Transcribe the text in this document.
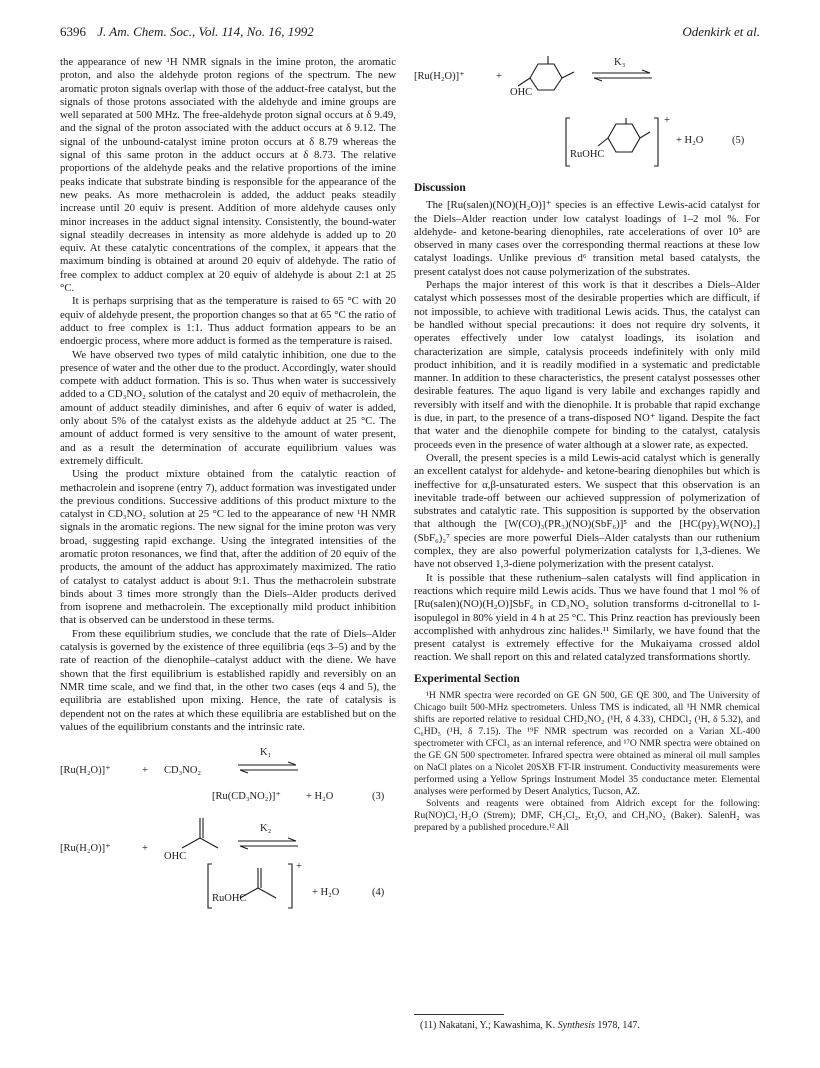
6396 J. Am. Chem. Soc., Vol. 114, No. 16, 1992	Odenkirk et al.

the appearance of new ¹H NMR signals in the imine proton, the aromatic proton, and also the aldehyde proton regions of the spectrum. The new aromatic proton signals overlap with those of the adduct-free catalyst, but the signals of those protons associated with the aldehyde and imine groups are well separated at 500 MHz. The free-aldehyde proton signal occurs at δ 9.49, and the signal of the proton associated with the adduct occurs at δ 9.12. The signal of the unbound-catalyst imine proton occurs at δ 8.79 whereas the signal of this same proton in the adduct occurs at δ 8.73. The relative proportions of the aldehyde peaks and the relative proportions of the imine peaks indicate that substrate binding is responsible for the appearance of the new peaks. As more methacrolein is added, the adduct peaks steadily increase until 20 equiv is present. Addition of more aldehyde causes only minor increases in the adduct signal intensity. Consistently, the bound-water signal steadily decreases in intensity as more aldehyde is added up to 20 equiv. At these catalytic concentrations of the complex, it appears that the maximum binding is obtained at around 20 equiv of aldehyde. The ratio of free complex to adduct complex at 20 equiv of aldehyde is about 2:1 at 25 °C.

It is perhaps surprising that as the temperature is raised to 65 °C with 20 equiv of aldehyde present, the proportion changes so that at 65 °C the ratio of adduct to free complex is 1:1. Thus adduct formation appears to be an endoergic process, where more adduct is formed as the temperature is raised.

We have observed two types of mild catalytic inhibition, one due to the presence of water and the other due to the product. Accordingly, water should compete with adduct formation. This is so. Thus when water is successively added to a CD₃NO₂ solution of the catalyst and 20 equiv of methacrolein, the amount of adduct steadily diminishes, and after 6 equiv of water is added, only about 5% of the catalyst exists as the aldehyde adduct at 25 °C. The amount of adduct formed is very sensitive to the amount of water present, and as a result the determination of accurate equilibrium values was extremely difficult.

Using the product mixture obtained from the catalytic reaction of methacrolein and isoprene (entry 7), adduct formation was investigated under the previous conditions. Successive additions of this product mixture to the catalyst in CD₃NO₂ solution at 25 °C led to the appearance of new ¹H NMR signals in the aromatic regions. The new signal for the imine proton was very broad, suggesting rapid exchange. Using the integrated intensities of the aromatic proton resonances, we find that, after the addition of 20 equiv of the products, the amount of the adduct has approximately maximized. The ratio of catalyst to catalyst adduct is about 9:1. Thus the methacrolein substrate binds about 3 times more strongly than the Diels–Alder products derived from isoprene and methacrolein. The exceptionally mild product inhibition that is observed can be understood in these terms.

From these equilibrium studies, we conclude that the rate of Diels–Alder catalysis is governed by the existence of three equilibria (eqs 3–5) and by the rate of reaction of the dienophile–catalyst adduct with the diene. We have shown that the first equilibrium is established rapidly and reversibly on an NMR time scale, and we find that, in the other two cases (eqs 4 and 5), the equilibria are established upon mixing. Hence, the rate of catalysis is dependent not on the rates at which these equilibria are established but on the values of the equilibrium constants and the intrinsic rate.

[Ru(H₂O)]⁺	+ CD₃NO₂
K₁
[Ru(CD₃NO₂)]⁺ + H₂O	(3)
[Ru(H₂O)]⁺	+
OHC
K₂
RuOHC
+
+ H₂O	(4)
[Ru(H₂O)]⁺	+
OHC
K₃
RuOHC
+
+ H₂O	(5)
Discussion

The [Ru(salen)(NO)(H₂O)]⁺ species is an effective Lewis-acid catalyst for the Diels–Alder reaction under low catalyst loadings of 1–2 mol %. For aldehyde- and ketone-bearing dienophiles, rate accelerations of over 10⁵ are observed in many cases over the corresponding thermal reactions at these low catalyst loadings. Unlike previous d⁶ transition metal based catalysts, the present catalyst does not cause polymerization of the substrates.

Perhaps the major interest of this work is that it describes a Diels–Alder catalyst which possesses most of the desirable properties which are difficult, if not impossible, to achieve with traditional Lewis acids. Thus, the catalyst can be handled without special precautions: it does not require dry solvents, it operates effectively under low catalyst loadings, its isolation and characterization are simple, catalysis proceeds indefinitely with only mild product inhibition, and it is readily modified in a systematic and predictable manner. In addition to these characteristics, the present catalyst possesses other desirable features. The aquo ligand is very labile and exchanges rapidly and reversibly with itself and with the dienophile. It is probable that rapid exchange is due, in part, to the presence of a trans-disposed NO⁺ ligand. Despite the fact that water and the dienophile compete for binding to the catalyst, catalysis proceeds even in the presence of water although at a slower rate, as expected.

Overall, the present species is a mild Lewis-acid catalyst which is generally an excellent catalyst for aldehyde- and ketone-bearing dienophiles but which is ineffective for α,β-unsaturated esters. We suspect that this observation is an inevitable trade-off between our achieved suppression of polymerization of substrates and catalytic rate. This supposition is supported by the observation that although the [W(CO)₃(PR₃)(NO)(SbF₆)]⁵ and the [HC(py)₃W(NO)₂](SbF₆)₂⁷ species are more powerful Diels–Alder catalysts than our ruthenium complex, they are also powerful polymerization catalysts for 1,3-dienes. We have not observed 1,3-diene polymerization with the present catalyst.

It is possible that these ruthenium–salen catalysts will find application in reactions which require mild Lewis acids. Thus we have found that 1 mol % of [Ru(salen)(NO)(H₂O)]SbF₆ in CD₃NO₂ solution transforms d-citronellal to l-isopulegol in 80% yield in 4 h at 25 °C. This Prinz reaction has previously been accomplished with anhydrous zinc halides.¹¹ Similarly, we have found that the present catalyst is extremely effective for the Mukaiyama crossed aldol reaction. We shall report on this and related catalyzed transformations shortly.

Experimental Section

¹H NMR spectra were recorded on GE GN 500, GE QE 300, and The University of Chicago built 500-MHz spectrometers. Unless TMS is indicated, all ¹H NMR chemical shifts are reported relative to residual CHD₂NO₂ (¹H, δ 4.33), CHDCl₂ (¹H, δ 5.32), and C₆HD₅ (¹H, δ 7.15). The ¹⁹F NMR spectrum was recorded on a Varian XL-400 spectrometer with CFCl₃ as an internal reference, and ¹⁷O NMR spectra were obtained on the GE GN 500 spectrometer. Infrared spectra were obtained as mineral oil mull samples on NaCl plates on a Nicolet 20SXB FT-IR instrument. Conductivity measurements were performed using a Yellow Springs Instrument Model 35 conductance meter. Elemental analyses were performed by Desert Analytics, Tucson, AZ.

Solvents and reagents were obtained from Aldrich except for the following: Ru(NO)Cl₃·H₂O (Strem); DMF, CH₂Cl₂, Et₂O, and CH₃NO₂ (Baker). SalenH₂ was prepared by a published procedure.¹² All

(11) Nakatani, Y.; Kawashima, K. Synthesis 1978, 147.
